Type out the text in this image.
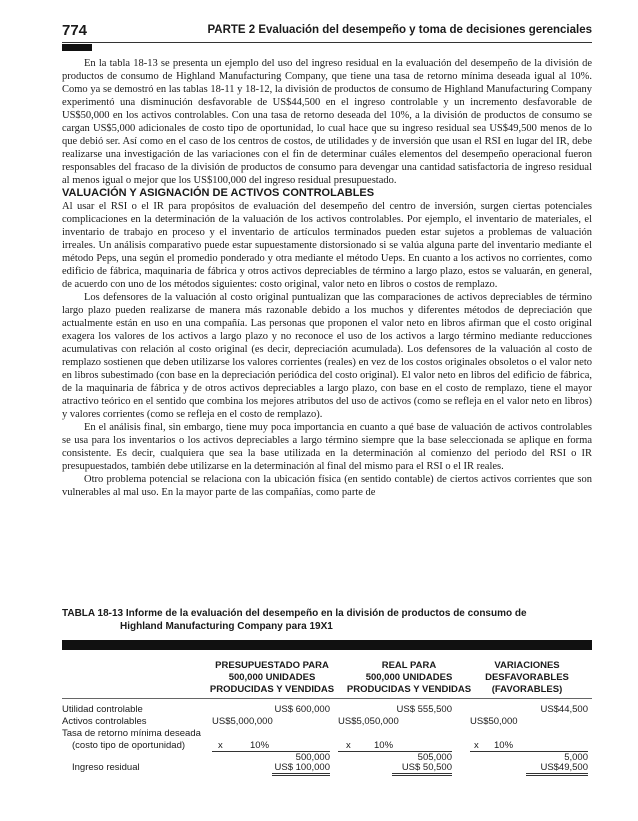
774	PARTE 2 Evaluación del desempeño y toma de decisiones gerenciales

En la tabla 18-13 se presenta un ejemplo del uso del ingreso residual en la evaluación del desempeño de la división de productos de consumo de Highland Manufacturing Company, que tiene una tasa de retorno mínima deseada igual al 10%. Como ya se demostró en las tablas 18-11 y 18-12, la división de productos de consumo de Highland Manufacturing Company experimentó una disminución desfavorable de US$44,500 en el ingreso controlable y un incremento desfavorable de US$50,000 en los activos controlables. Con una tasa de retorno deseada del 10%, a la división de productos de consumo se cargan US$5,000 adicionales de costo tipo de oportunidad, lo cual hace que su ingreso residual sea US$49,500 menos de lo que debió ser. Así como en el caso de los centros de costos, de utilidades y de inversión que usan el RSI en lugar del IR, debe realizarse una investigación de las variaciones con el fin de determinar cuáles elementos del desempeño operacional fueron responsables del fracaso de la división de productos de consumo para devengar una cantidad satisfactoria de ingreso residual al menos igual o mejor que los US$100,000 del ingreso residual presupuestado.

VALUACIÓN Y ASIGNACIÓN DE ACTIVOS CONTROLABLES

Al usar el RSI o el IR para propósitos de evaluación del desempeño del centro de inversión, surgen ciertas potenciales complicaciones en la determinación de la valuación de los activos controlables. Por ejemplo, el inventario de materiales, el inventario de trabajo en proceso y el inventario de artículos terminados pueden estar sujetos a problemas de valuación irreales. Un análisis comparativo puede estar supuestamente distorsionado si se valúa alguna parte del inventario mediante el método Peps, una según el promedio ponderado y otra mediante el método Ueps. En cuanto a los activos no corrientes, como edificio de fábrica, maquinaria de fábrica y otros activos depreciables de término a largo plazo, estos se valuarán, en general, de acuerdo con uno de los métodos siguientes: costo original, valor neto en libros o costos de remplazo.

Los defensores de la valuación al costo original puntualizan que las comparaciones de activos depreciables de término largo plazo pueden realizarse de manera más razonable debido a los muchos y diferentes métodos de depreciación que actualmente están en uso en una compañía. Las personas que proponen el valor neto en libros afirman que el costo original exagera los valores de los activos a largo plazo y no reconoce el uso de los activos a largo término mediante reducciones acumulativas con relación al costo original (es decir, depreciación acumulada). Los defensores de la valuación al costo de remplazo sostienen que deben utilizarse los valores corrientes (reales) en vez de los costos originales obsoletos o el valor neto en libros subestimado (con base en la depreciación periódica del costo original). El valor neto en libros del edificio de fábrica, de la maquinaria de fábrica y de otros activos depreciables a largo plazo, con base en el costo de remplazo, tiene el mayor atractivo teórico en el sentido que combina los mejores atributos del uso de activos (como se refleja en el valor neto en libros) y valores corrientes (como se refleja en el costo de remplazo).

En el análisis final, sin embargo, tiene muy poca importancia en cuanto a qué base de valuación de activos controlables se usa para los inventarios o los activos depreciables a largo término siempre que la base seleccionada se aplique en forma consistente. Es decir, cualquiera que sea la base utilizada en la determinación al comienzo del periodo del RSI o IR presupuestados, también debe utilizarse en la determinación al final del mismo para el RSI o el IR reales.

Otro problema potencial se relaciona con la ubicación física (en sentido contable) de ciertos activos corrientes que son vulnerables al mal uso. En la mayor parte de las compañías, como parte de

TABLA 18-13 Informe de la evaluación del desempeño en la división de productos de consumo de
Highland Manufacturing Company para 19X1
PRESUPUESTADO PARA
500,000 UNIDADES
PRODUCIDAS Y VENDIDAS
REAL PARA
500,000 UNIDADES
PRODUCIDAS Y VENDIDAS
VARIACIONES
DESFAVORABLES
(FAVORABLES)
Utilidad controlable
Activos controlables
Tasa de retorno mínima deseada
(costo tipo de oportunidad)
Ingreso residual
US$ 600,000
US$5,000,000
x	10%
500,000
US$ 100,000
US$ 555,500
US$5,050,000
x 10%
505,000
US$ 50,500
US$44,500
US$50,000
x 10%
5,000
US$49,500
